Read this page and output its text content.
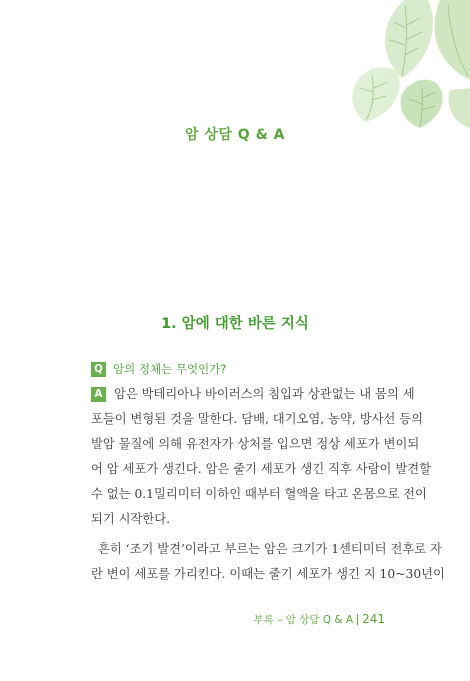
암 상담 Q & A
1. 암에 대한 바른 지식
Q 암의 정체는 무엇인가?
A 암은 박테리아나 바이러스의 침입과 상관없는 내 몸의 세
포들이 변형된 것을 말한다. 담배, 대기오염, 농약, 방사선 등의
발암 물질에 의해 유전자가 상처를 입으면 정상 세포가 변이되
어 암 세포가 생긴다. 암은 줄기 세포가 생긴 직후 사람이 발견할
수 없는 0.1밀리미터 이하인 때부터 혈액을 타고 온몸으로 전이
되기 시작한다.
흔히 ‘조기 발견’이라고 부르는 암은 크기가 1센티미터 전후로 자
란 변이 세포를 가리킨다. 이때는 줄기 세포가 생긴 지 10~30년이
부록 – 암 상담 Q & A 241
